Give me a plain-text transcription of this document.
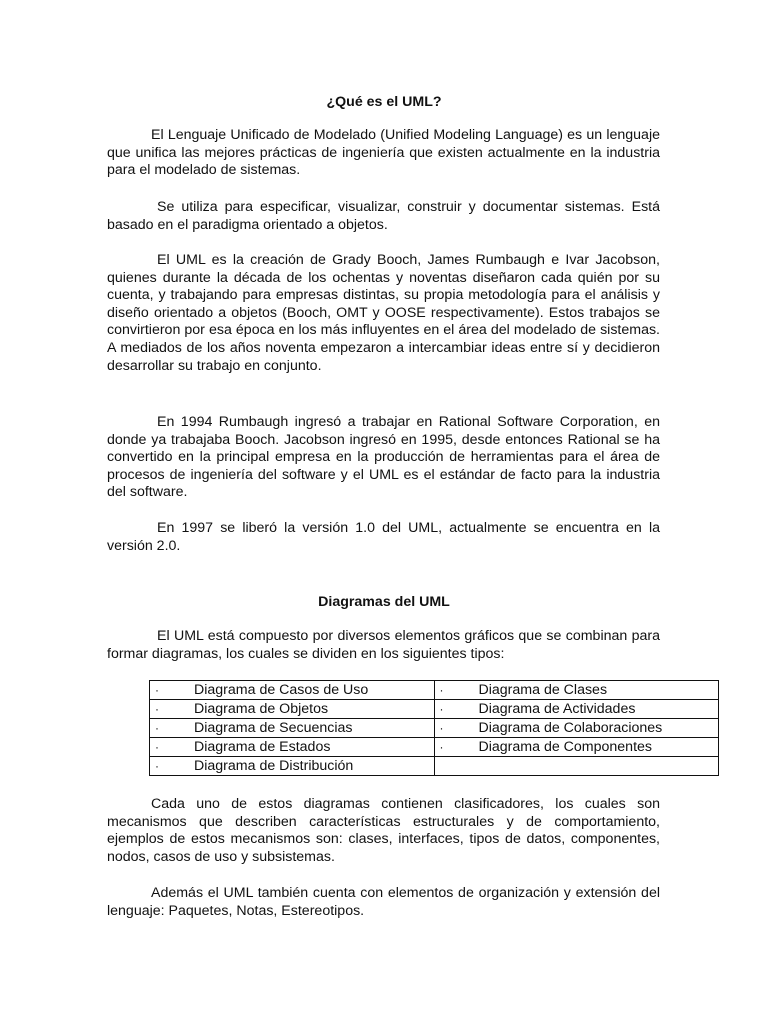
¿Qué es el UML?

El Lenguaje Unificado de Modelado (Unified Modeling Language) es un lenguaje que unifica las mejores prácticas de ingeniería que existen actualmente en la industria para el modelado de sistemas.

Se utiliza para especificar, visualizar, construir y documentar sistemas. Está basado en el paradigma orientado a objetos.

El UML es la creación de Grady Booch, James Rumbaugh e Ivar Jacobson, quienes durante la década de los ochentas y noventas diseñaron cada quién por su cuenta, y trabajando para empresas distintas, su propia metodología para el análisis y diseño orientado a objetos (Booch, OMT y OOSE respectivamente). Estos trabajos se convirtieron por esa época en los más influyentes en el área del modelado de sistemas. A mediados de los años noventa empezaron a intercambiar ideas entre sí y decidieron desarrollar su trabajo en conjunto.

En 1994 Rumbaugh ingresó a trabajar en Rational Software Corporation, en donde ya trabajaba Booch. Jacobson ingresó en 1995, desde entonces Rational se ha convertido en la principal empresa en la producción de herramientas para el área de procesos de ingeniería del software y el UML es el estándar de facto para la industria del software.

En 1997 se liberó la versión 1.0 del UML, actualmente se encuentra en la versión 2.0.

Diagramas del UML

El UML está compuesto por diversos elementos gráficos que se combinan para formar diagramas, los cuales se dividen en los siguientes tipos:

· Diagrama de Casos de Uso	· Diagrama de Clases
· Diagrama de Objetos	· Diagrama de Actividades
· Diagrama de Secuencias	· Diagrama de Colaboraciones
· Diagrama de Estados	· Diagrama de Componentes
· Diagrama de Distribución	

Cada uno de estos diagramas contienen clasificadores, los cuales son mecanismos que describen características estructurales y de comportamiento, ejemplos de estos mecanismos son: clases, interfaces, tipos de datos, componentes, nodos, casos de uso y subsistemas.

Además el UML también cuenta con elementos de organización y extensión del lenguaje: Paquetes, Notas, Estereotipos.
